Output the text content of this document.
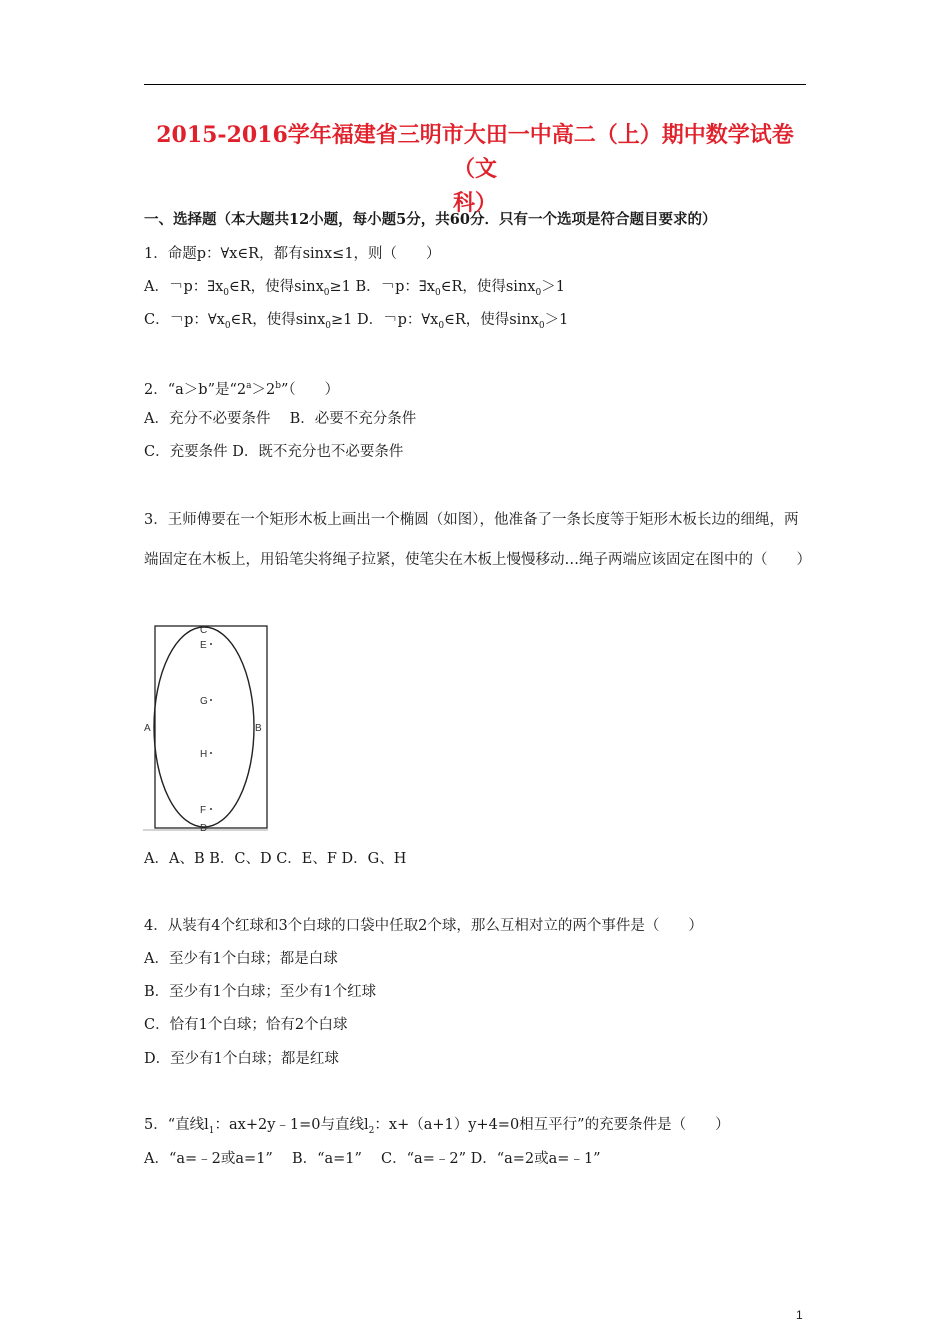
2015-2016学年福建省三明市大田一中高二（上）期中数学试卷（文
科）
一、选择题（本大题共12小题，每小题5分，共60分．只有一个选项是符合题目要求的）
1．命题p：∀x∈R，都有sinx≤1，则（　　）
A．￢p：$\exists x_0\in R$，使得sinx$_0$≥1 B．￢p：$\exists x_0\in R$，使得sinx$_0$＞1
C．￢p：$\forall x_0\in R$，使得sinx$_0$≥1 D．￢p：$\forall x_0\in R$，使得sinx$_0$＞1
2．“a＞b”是“$2^a>2^b$”（　　）
A．充分不必要条件　 B．必要不充分条件
C．充要条件 D．既不充分也不必要条件
3．王师傅要在一个矩形木板上画出一个椭圆（如图），他准备了一条长度等于矩形木板长边的细绳，两端固定在木板上，用铅笔尖将绳子拉紧，使笔尖在木板上慢慢移动…绳子两端应该固定在图中的（　　）
C
E
G
A	B
H
F
D
A．A、B B．C、D C．E、F D．G、H
4．从装有4个红球和3个白球的口袋中任取2个球，那么互相对立的两个事件是（　　）
A．至少有1个白球；都是白球
B．至少有1个白球；至少有1个红球
C．恰有1个白球；恰有2个白球
D．至少有1个白球；都是红球
5．“直线$l_1$：ax+2y﹣1=0与直线$l_2$：x+（a+1）y+4=0相互平行”的充要条件是（　　）
A．“a=﹣2或a=1”　 B．“a=1”　 C．“a=﹣2” D．“a=2或a=﹣1”
1
